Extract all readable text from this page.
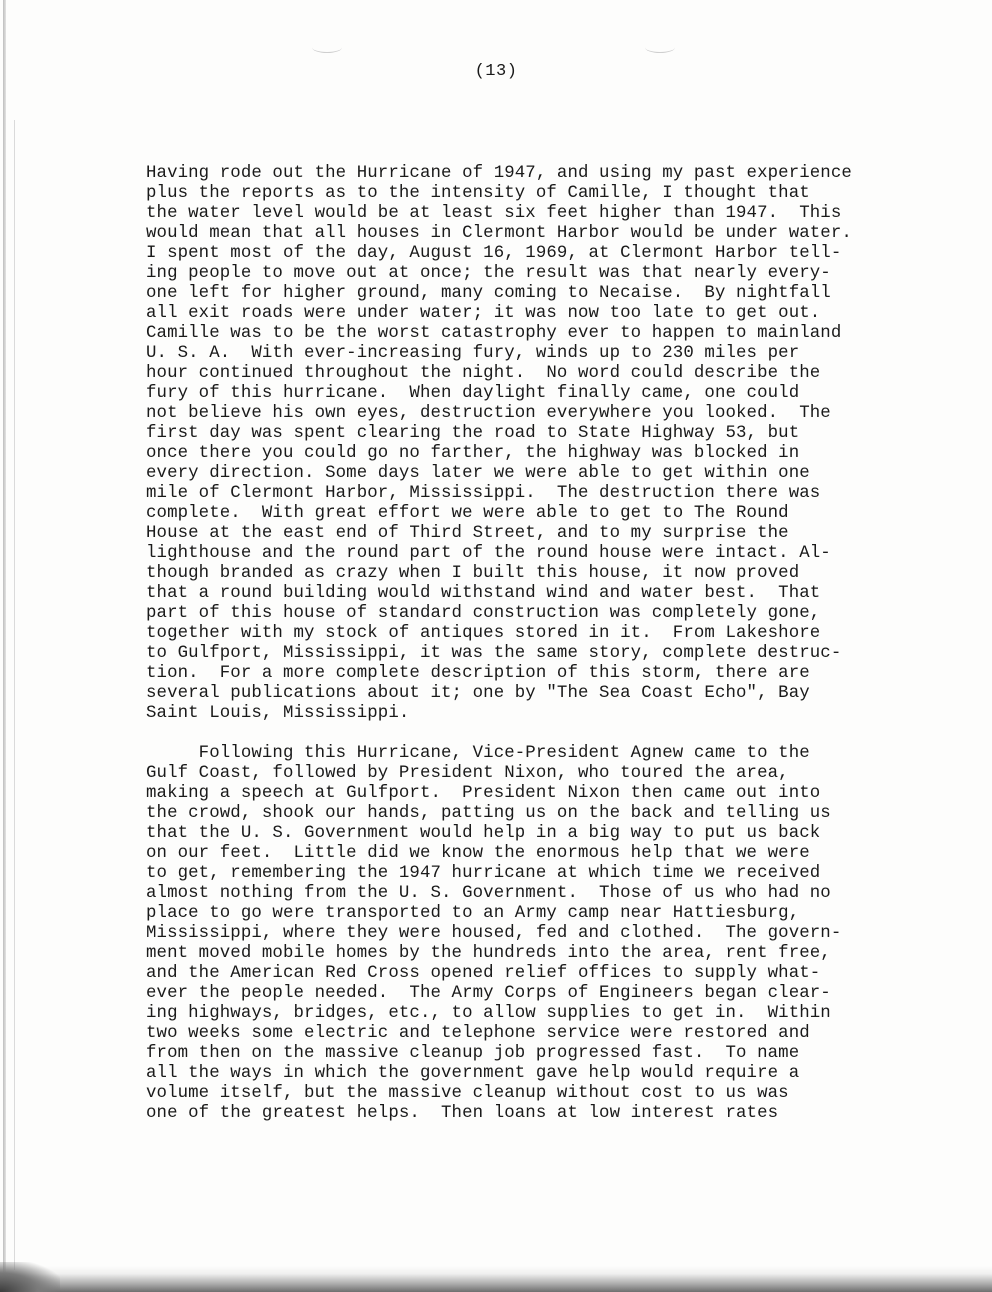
(13)
Having rode out the Hurricane of 1947, and using my past experience
plus the reports as to the intensity of Camille, I thought that
the water level would be at least six feet higher than 1947.  This
would mean that all houses in Clermont Harbor would be under water.
I spent most of the day, August 16, 1969, at Clermont Harbor tell-
ing people to move out at once; the result was that nearly every-
one left for higher ground, many coming to Necaise.  By nightfall
all exit roads were under water; it was now too late to get out.
Camille was to be the worst catastrophy ever to happen to mainland
U. S. A.  With ever-increasing fury, winds up to 230 miles per
hour continued throughout the night.  No word could describe the
fury of this hurricane.  When daylight finally came, one could
not believe his own eyes, destruction everywhere you looked.  The
first day was spent clearing the road to State Highway 53, but
once there you could go no farther, the highway was blocked in
every direction. Some days later we were able to get within one
mile of Clermont Harbor, Mississippi.  The destruction there was
complete.  With great effort we were able to get to The Round
House at the east end of Third Street, and to my surprise the
lighthouse and the round part of the round house were intact. Al-
though branded as crazy when I built this house, it now proved
that a round building would withstand wind and water best.  That
part of this house of standard construction was completely gone,
together with my stock of antiques stored in it.  From Lakeshore
to Gulfport, Mississippi, it was the same story, complete destruc-
tion.  For a more complete description of this storm, there are
several publications about it; one by "The Sea Coast Echo", Bay
Saint Louis, Mississippi.
Following this Hurricane, Vice-President Agnew came to the
Gulf Coast, followed by President Nixon, who toured the area,
making a speech at Gulfport.  President Nixon then came out into
the crowd, shook our hands, patting us on the back and telling us
that the U. S. Government would help in a big way to put us back
on our feet.  Little did we know the enormous help that we were
to get, remembering the 1947 hurricane at which time we received
almost nothing from the U. S. Government.  Those of us who had no
place to go were transported to an Army camp near Hattiesburg,
Mississippi, where they were housed, fed and clothed.  The govern-
ment moved mobile homes by the hundreds into the area, rent free,
and the American Red Cross opened relief offices to supply what-
ever the people needed.  The Army Corps of Engineers began clear-
ing highways, bridges, etc., to allow supplies to get in.  Within
two weeks some electric and telephone service were restored and
from then on the massive cleanup job progressed fast.  To name
all the ways in which the government gave help would require a
volume itself, but the massive cleanup without cost to us was
one of the greatest helps.  Then loans at low interest rates
